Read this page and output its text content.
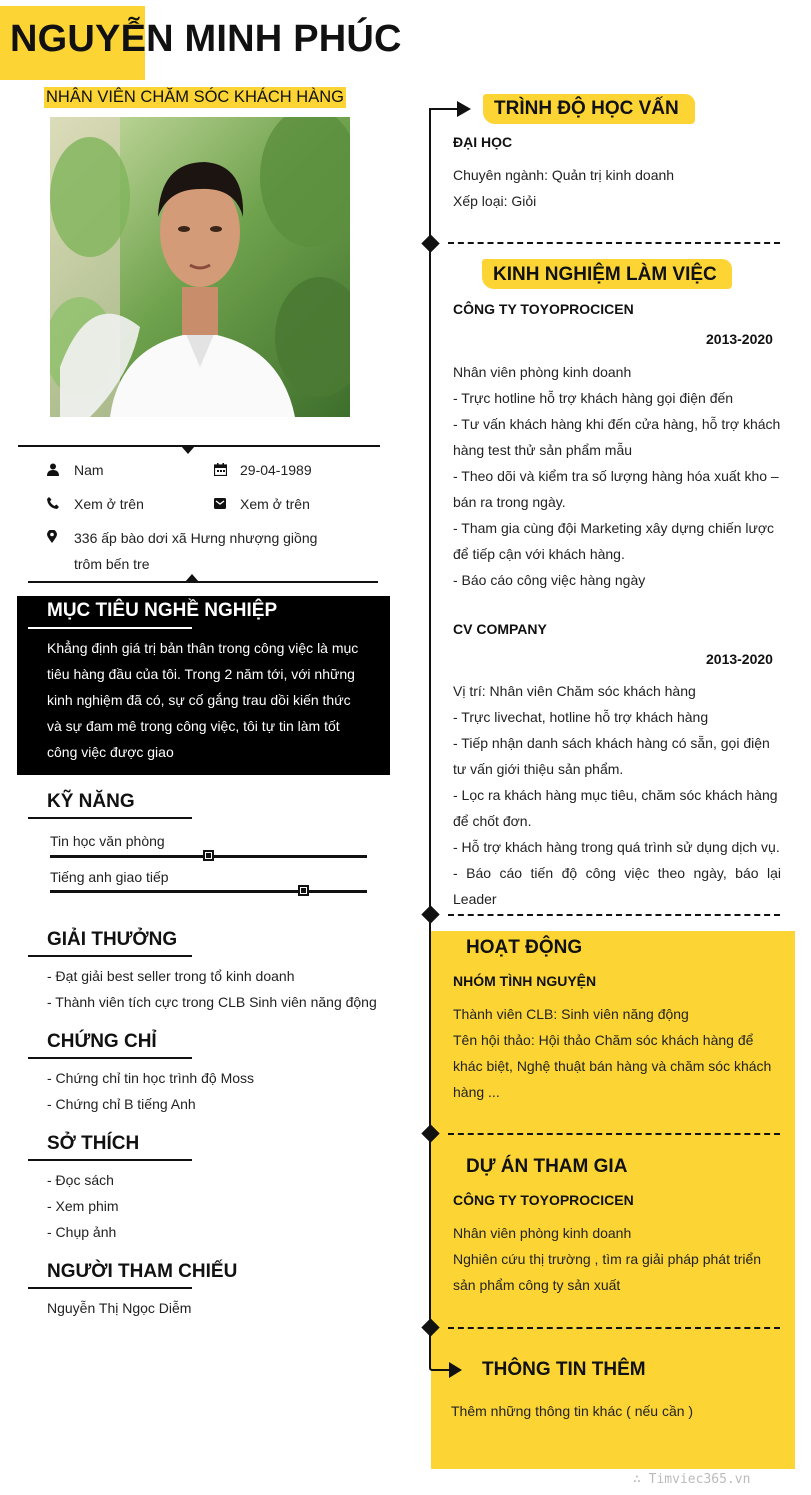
NGUYỄN MINH PHÚC
NHÂN VIÊN CHĂM SÓC KHÁCH HÀNG
Nam	29-04-1989
Xem ở trên	Xem ở trên
336 ấp bào dơi xã Hưng nhượng giồng
trôm bến tre
MỤC TIÊU NGHỀ NGHIỆP
Khẳng định giá trị bản thân trong công việc là mục
tiêu hàng đầu của tôi. Trong 2 năm tới, với những
kinh nghiệm đã có, sự cố gắng trau dồi kiến thức
và sự đam mê trong công việc, tôi tự tin làm tốt
công việc được giao
KỸ NĂNG
Tin học văn phòng
Tiếng anh giao tiếp
GIẢI THƯỞNG
- Đạt giải best seller trong tổ kinh doanh
- Thành viên tích cực trong CLB Sinh viên năng động
CHỨNG CHỈ
- Chứng chỉ tin học trình độ Moss
- Chứng chỉ B tiếng Anh
SỞ THÍCH
- Đọc sách
- Xem phim
- Chụp ảnh
NGƯỜI THAM CHIẾU
Nguyễn Thị Ngọc Diễm
TRÌNH ĐỘ HỌC VẤN
ĐẠI HỌC
Chuyên ngành: Quản trị kinh doanh
Xếp loại: Giỏi
KINH NGHIỆM LÀM VIỆC
CÔNG TY TOYOPROCICEN
2013-2020
Nhân viên phòng kinh doanh
- Trực hotline hỗ trợ khách hàng gọi điện đến
- Tư vấn khách hàng khi đến cửa hàng, hỗ trợ khách
hàng test thử sản phẩm mẫu
- Theo dõi và kiểm tra số lượng hàng hóa xuất kho –
bán ra trong ngày.
- Tham gia cùng đội Marketing xây dựng chiến lược
để tiếp cận với khách hàng.
- Báo cáo công việc hàng ngày
CV COMPANY
2013-2020
Vị trí: Nhân viên Chăm sóc khách hàng
- Trực livechat, hotline hỗ trợ khách hàng
- Tiếp nhận danh sách khách hàng có sẵn, gọi điện
tư vấn giới thiệu sản phẩm.
- Lọc ra khách hàng mục tiêu, chăm sóc khách hàng
để chốt đơn.
- Hỗ trợ khách hàng trong quá trình sử dụng dịch vụ.
- Báo cáo tiến độ công việc theo ngày, báo lại Leader
HOẠT ĐỘNG
NHÓM TÌNH NGUYỆN
Thành viên CLB: Sinh viên năng động
Tên hội thảo: Hội thảo Chăm sóc khách hàng để
khác biệt, Nghệ thuật bán hàng và chăm sóc khách
hàng ...
DỰ ÁN THAM GIA
CÔNG TY TOYOPROCICEN
Nhân viên phòng kinh doanh
Nghiên cứu thị trường , tìm ra giải pháp phát triển
sản phẩm công ty sản xuất
THÔNG TIN THÊM
Thêm những thông tin khác ( nếu cần )
∴ Timviec365.vn
